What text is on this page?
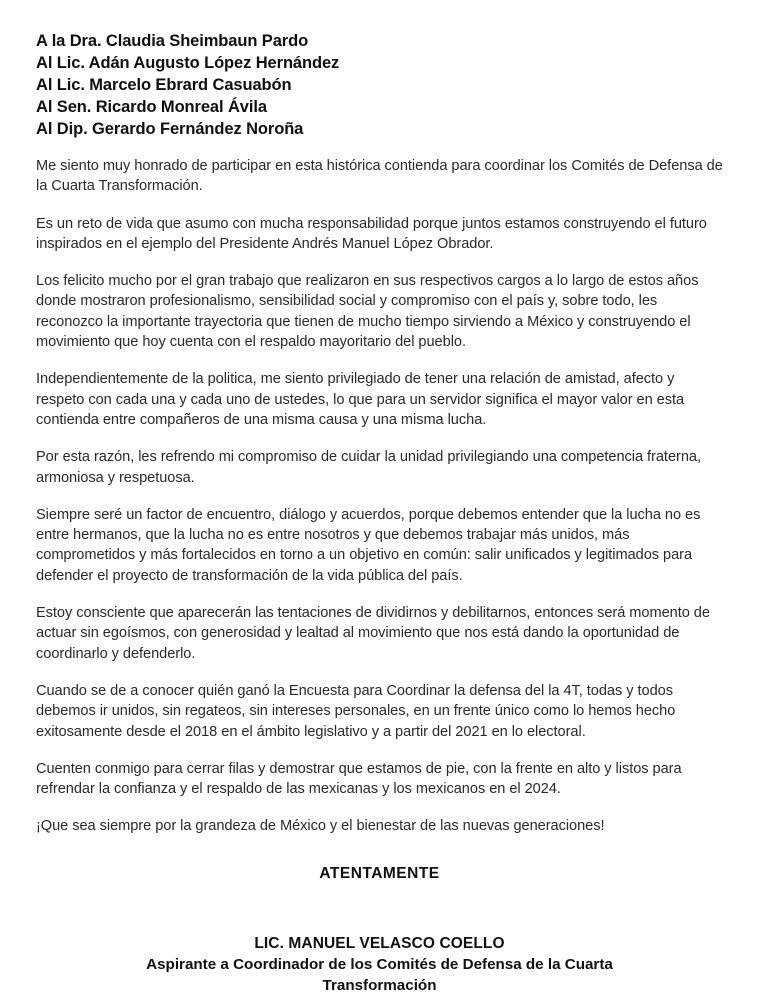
A la Dra. Claudia Sheimbaun Pardo
Al Lic. Adán Augusto López Hernández
Al Lic. Marcelo Ebrard Casuabón
Al Sen. Ricardo Monreal Ávila
Al Dip. Gerardo Fernández Noroña

Me siento muy honrado de participar en esta histórica contienda para coordinar los Comités de Defensa de la Cuarta Transformación.

Es un reto de vida que asumo con mucha responsabilidad porque juntos estamos construyendo el futuro inspirados en el ejemplo del Presidente Andrés Manuel López Obrador.

Los felicito mucho por el gran trabajo que realizaron en sus respectivos cargos a lo largo de estos años donde mostraron profesionalismo, sensibilidad social y compromiso con el país y, sobre todo, les reconozco la importante trayectoria que tienen de mucho tiempo sirviendo a México y construyendo el movimiento que hoy cuenta con el respaldo mayoritario del pueblo.

Independientemente de la politica, me siento privilegiado de tener una relación de amistad, afecto y respeto con cada una y cada uno de ustedes, lo que para un servidor significa el mayor valor en esta contienda entre compañeros de una misma causa y una misma lucha.

Por esta razón, les refrendo mi compromiso de cuidar la unidad privilegiando una competencia fraterna, armoniosa y respetuosa.

Siempre seré un factor de encuentro, diálogo y acuerdos, porque debemos entender que la lucha no es entre hermanos, que la lucha no es entre nosotros y que debemos trabajar más unidos, más comprometidos y más fortalecidos en torno a un objetivo en común: salir unificados y legitimados para defender el proyecto de transformación de la vida pública del país.

Estoy consciente que aparecerán las tentaciones de dividirnos y debilitarnos, entonces será momento de actuar sin egoísmos, con generosidad y lealtad al movimiento que nos está dando la oportunidad de coordinarlo y defenderlo.

Cuando se de a conocer quién ganó la Encuesta para Coordinar la defensa del la 4T, todas y todos debemos ir unidos, sin regateos, sin intereses personales, en un frente único como lo hemos hecho exitosamente desde el 2018 en el ámbito legislativo y a partir del 2021 en lo electoral.

Cuenten conmigo para cerrar filas y demostrar que estamos de pie, con la frente en alto y listos para refrendar la confianza y el respaldo de las mexicanas y los mexicanos en el 2024.

¡Que sea siempre por la grandeza de México y el bienestar de las nuevas generaciones!

ATENTAMENTE

LIC. MANUEL VELASCO COELLO

Aspirante a Coordinador de los Comités de Defensa de la Cuarta

Transformación
